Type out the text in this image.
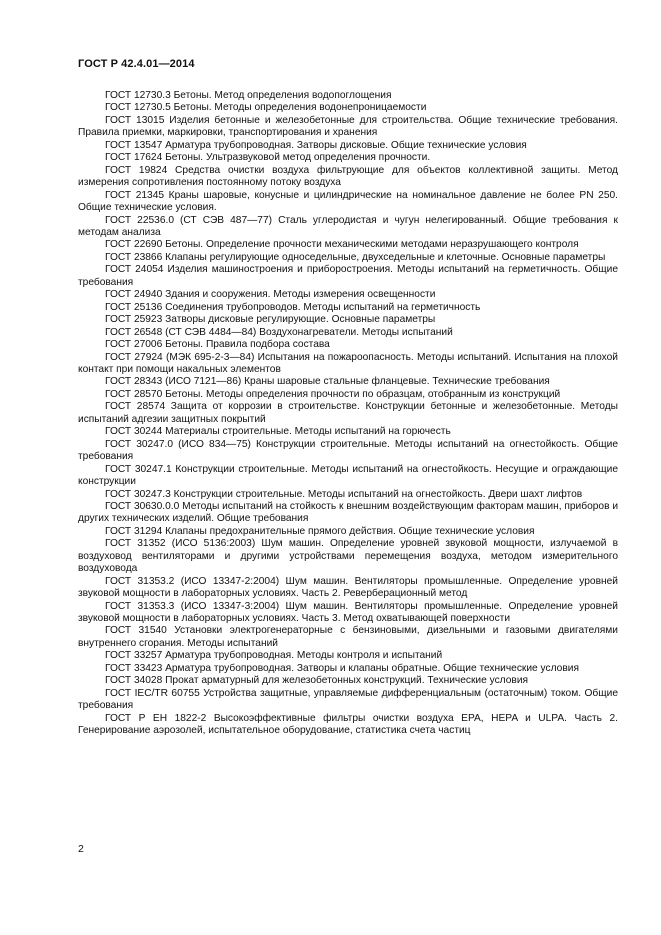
ГОСТ Р 42.4.01—2014

ГОСТ 12730.3 Бетоны. Метод определения водопоглощения

ГОСТ 12730.5 Бетоны. Методы определения водонепроницаемости

ГОСТ 13015 Изделия бетонные и железобетонные для строительства. Общие технические требования. Правила приемки, маркировки, транспортирования и хранения

ГОСТ 13547 Арматура трубопроводная. Затворы дисковые. Общие технические условия

ГОСТ 17624 Бетоны. Ультразвуковой метод определения прочности.

ГОСТ 19824 Средства очистки воздуха фильтрующие для объектов коллективной защиты. Метод измерения сопротивления постоянному потоку воздуха

ГОСТ 21345 Краны шаровые, конусные и цилиндрические на номинальное давление не более PN 250. Общие технические условия.

ГОСТ 22536.0 (СТ СЭВ 487—77) Сталь углеродистая и чугун нелегированный. Общие требования к методам анализа

ГОСТ 22690 Бетоны. Определение прочности механическими методами неразрушающего контроля

ГОСТ 23866 Клапаны регулирующие односедельные, двухседельные и клеточные. Основные параметры

ГОСТ 24054 Изделия машиностроения и приборостроения. Методы испытаний на герметичность. Общие требования

ГОСТ 24940 Здания и сооружения. Методы измерения освещенности

ГОСТ 25136 Соединения трубопроводов. Методы испытаний на герметичность

ГОСТ 25923 Затворы дисковые регулирующие. Основные параметры

ГОСТ 26548 (СТ СЭВ 4484—84) Воздухонагреватели. Методы испытаний

ГОСТ 27006 Бетоны. Правила подбора состава

ГОСТ 27924 (МЭК 695-2-3—84) Испытания на пожароопасность. Методы испытаний. Испытания на плохой контакт при помощи накальных элементов

ГОСТ 28343 (ИСО 7121—86) Краны шаровые стальные фланцевые. Технические требования

ГОСТ 28570 Бетоны. Методы определения прочности по образцам, отобранным из конструкций

ГОСТ 28574 Защита от коррозии в строительстве. Конструкции бетонные и железобетонные. Методы испытаний адгезии защитных покрытий

ГОСТ 30244 Материалы строительные. Методы испытаний на горючесть

ГОСТ 30247.0 (ИСО 834—75) Конструкции строительные. Методы испытаний на огнестойкость. Общие требования

ГОСТ 30247.1 Конструкции строительные. Методы испытаний на огнестойкость. Несущие и ограждающие конструкции

ГОСТ 30247.3 Конструкции строительные. Методы испытаний на огнестойкость. Двери шахт лифтов

ГОСТ 30630.0.0 Методы испытаний на стойкость к внешним воздействующим факторам машин, приборов и других технических изделий. Общие требования

ГОСТ 31294 Клапаны предохранительные прямого действия. Общие технические условия

ГОСТ 31352 (ИСО 5136:2003) Шум машин. Определение уровней звуковой мощности, излучаемой в воздуховод вентиляторами и другими устройствами перемещения воздуха, методом измерительного воздуховода

ГОСТ 31353.2 (ИСО 13347-2:2004) Шум машин. Вентиляторы промышленные. Определение уровней звуковой мощности в лабораторных условиях. Часть 2. Реверберационный метод

ГОСТ 31353.3 (ИСО 13347-3:2004) Шум машин. Вентиляторы промышленные. Определение уровней звуковой мощности в лабораторных условиях. Часть 3. Метод охватывающей поверхности

ГОСТ 31540 Установки электрогенераторные с бензиновыми, дизельными и газовыми двигателями внутреннего сгорания. Методы испытаний

ГОСТ 33257 Арматура трубопроводная. Методы контроля и испытаний

ГОСТ 33423 Арматура трубопроводная. Затворы и клапаны обратные. Общие технические условия

ГОСТ 34028 Прокат арматурный для железобетонных конструкций. Технические условия

ГОСТ IEC/TR 60755 Устройства защитные, управляемые дифференциальным (остаточным) током. Общие требования

ГОСТ Р ЕН 1822-2 Высокоэффективные фильтры очистки воздуха EPA, HEPA и ULPA. Часть 2. Генерирование аэрозолей, испытательное оборудование, статистика счета частиц

2
